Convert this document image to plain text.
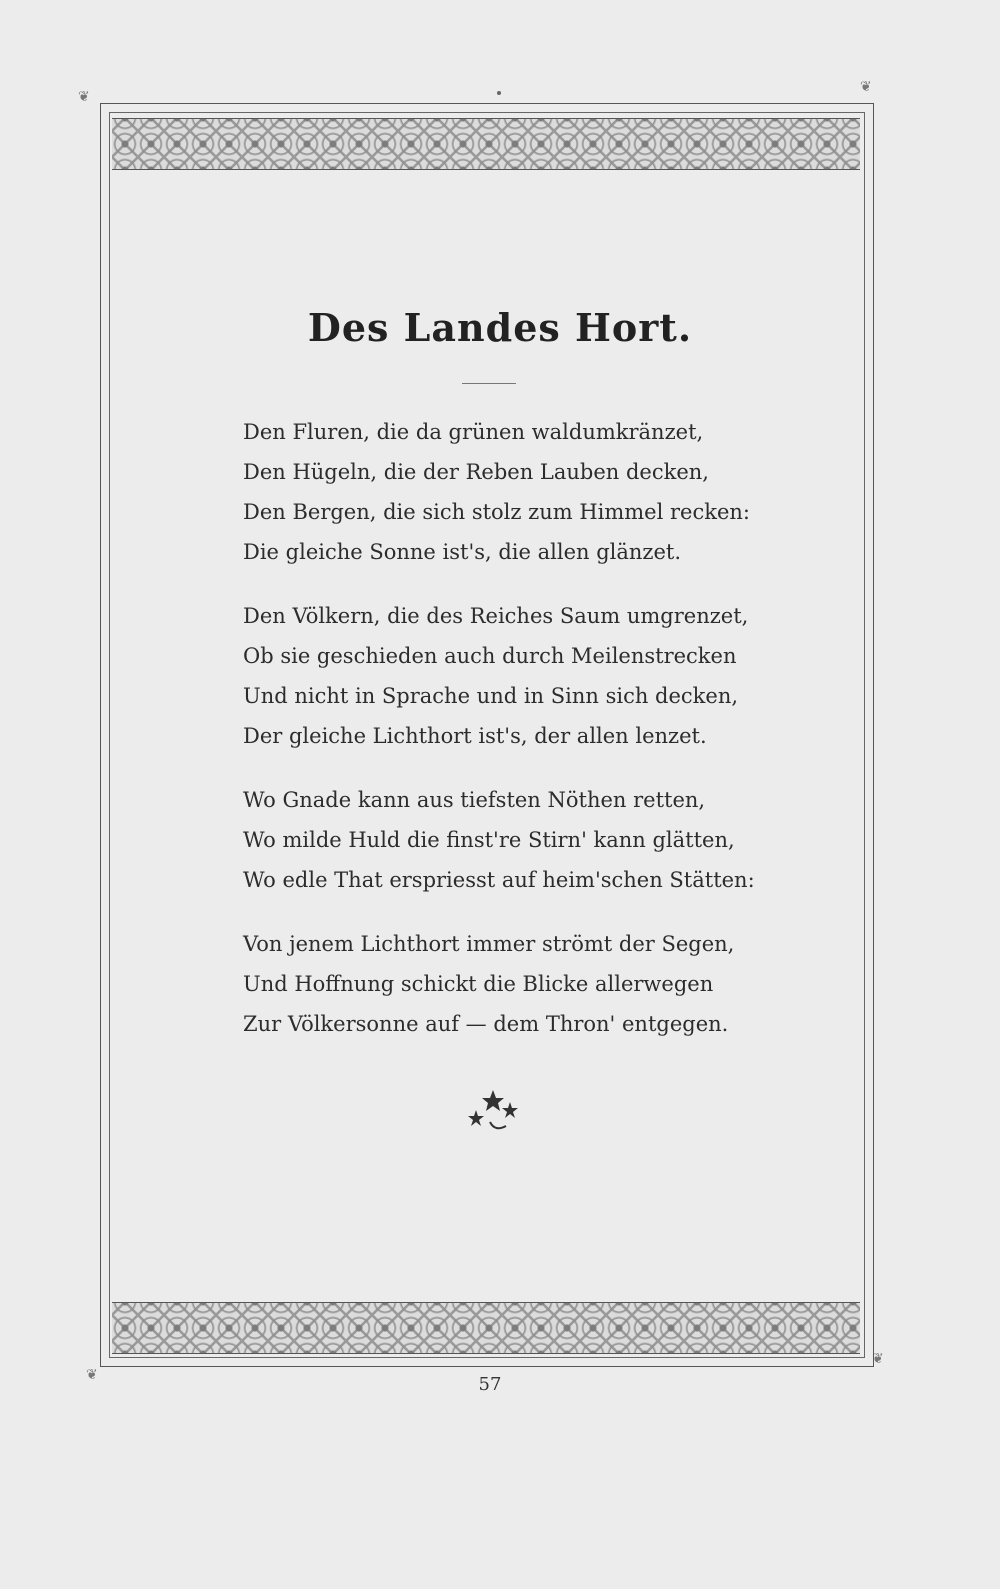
❦
❦
❦
❦
Des Landes Hort.
Den Fluren, die da grünen waldumkränzet,
Den Hügeln, die der Reben Lauben decken,
Den Bergen, die sich stolz zum Himmel recken:
Die gleiche Sonne ist's, die allen glänzet.
Den Völkern, die des Reiches Saum umgrenzet,
Ob sie geschieden auch durch Meilenstrecken
Und nicht in Sprache und in Sinn sich decken,
Der gleiche Lichthort ist's, der allen lenzet.
Wo Gnade kann aus tiefsten Nöthen retten,
Wo milde Huld die finst're Stirn' kann glätten,
Wo edle That erspriesst auf heim'schen Stätten:
Von jenem Lichthort immer strömt der Segen,
Und Hoffnung schickt die Blicke allerwegen
Zur Völkersonne auf — dem Thron' entgegen.
57
